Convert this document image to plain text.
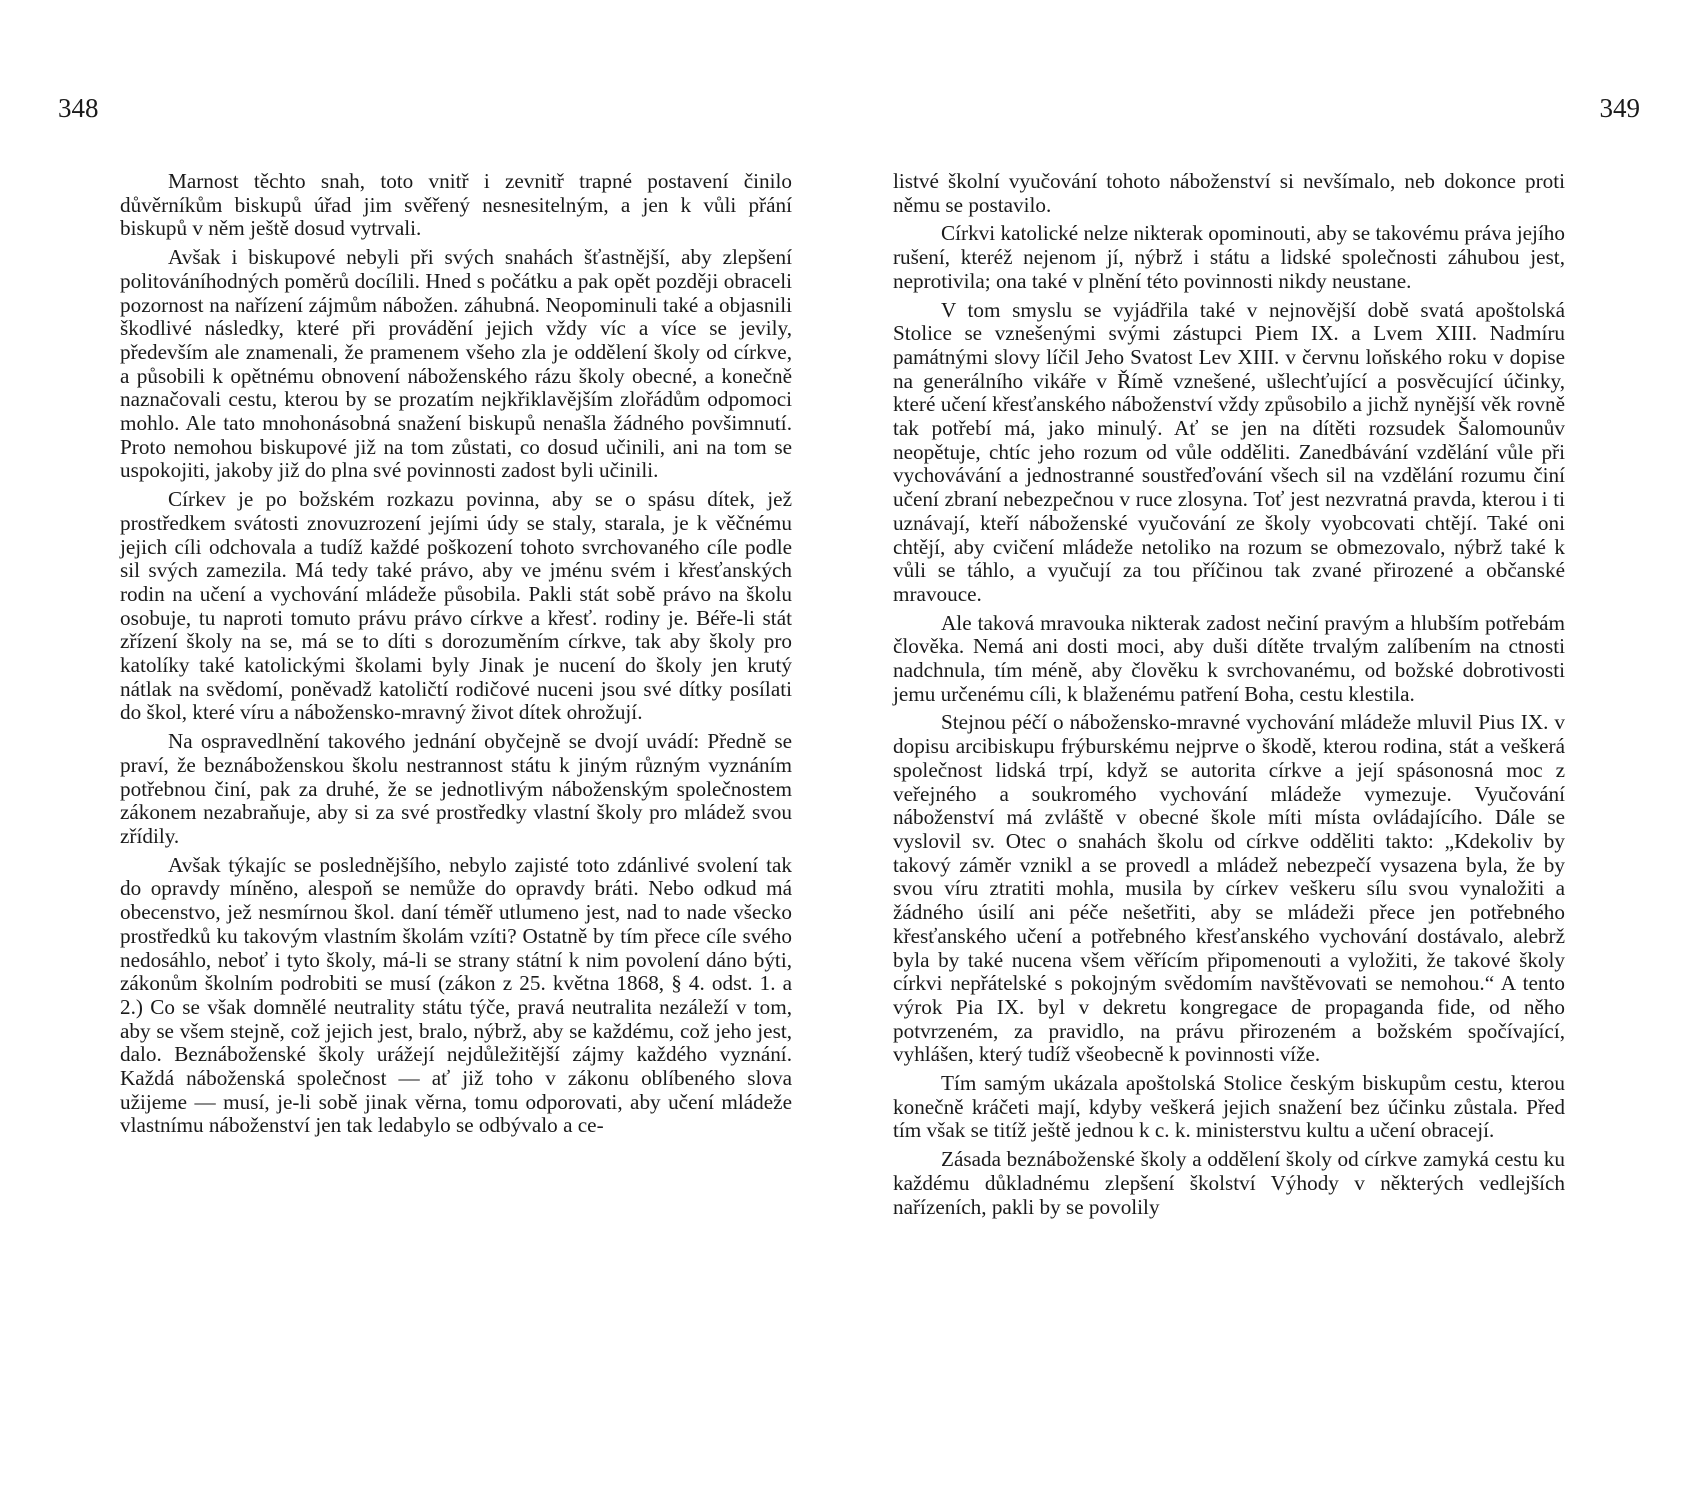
348

Marnost těchto snah, toto vnitř i zevnitř trapné postavení činilo důvěrníkům biskupů úřad jim svěřený nesnesitelným, a jen k vůli přání biskupů v něm ještě dosud vytrvali.

Avšak i biskupové nebyli při svých snahách šťastnější, aby zlepšení politováníhodných poměrů docílili. Hned s počátku a pak opět později obraceli pozornost na nařízení zájmům nábožen. záhubná. Neopominuli také a objasnili škodlivé následky, které při provádění jejich vždy víc a více se jevily, především ale znamenali, že pramenem všeho zla je oddělení školy od církve, a působili k opětnému obnovení náboženského rázu školy obecné, a konečně naznačovali cestu, kterou by se prozatím nejkřiklavějším zlořádům odpomoci mohlo. Ale tato mnohonásobná snažení biskupů nenašla žádného povšimnutí. Proto nemohou biskupové již na tom zůstati, co dosud učinili, ani na tom se uspokojiti, jakoby již do plna své povinnosti zadost byli učinili.

Církev je po božském rozkazu povinna, aby se o spásu dítek, jež prostředkem svátosti znovuzrození jejími údy se staly, starala, je k věčnému jejich cíli odchovala a tudíž každé poškození tohoto svrchovaného cíle podle sil svých zamezila. Má tedy také právo, aby ve jménu svém i křesťanských rodin na učení a vychování mládeže působila. Pakli stát sobě právo na školu osobuje, tu naproti tomuto právu právo církve a křesť. rodiny je. Béře-li stát zřízení školy na se, má se to díti s dorozuměním církve, tak aby školy pro katolíky také katolickými školami byly Jinak je nucení do školy jen krutý nátlak na svědomí, poněvadž katoličtí rodičové nuceni jsou své dítky posílati do škol, které víru a nábožensko-mravný život dítek ohrožují.

Na ospravedlnění takového jednání obyčejně se dvojí uvádí: Předně se praví, že beznáboženskou školu nestrannost státu k jiným různým vyznáním potřebnou činí, pak za druhé, že se jednotlivým náboženským společnostem zákonem nezabraňuje, aby si za své prostředky vlastní školy pro mládež svou zřídily.

Avšak týkajíc se poslednějšího, nebylo zajisté toto zdánlivé svolení tak do opravdy míněno, alespoň se nemůže do opravdy bráti. Nebo odkud má obecenstvo, jež nesmírnou škol. daní téměř utlumeno jest, nad to nade všecko prostředků ku takovým vlastním školám vzíti? Ostatně by tím přece cíle svého nedosáhlo, neboť i tyto školy, má-li se strany státní k nim povolení dáno býti, zákonům školním podrobiti se musí (zákon z 25. května 1868, § 4. odst. 1. a 2.) Co se však domnělé neutrality státu týče, pravá neutralita nezáleží v tom, aby se všem stejně, což jejich jest, bralo, nýbrž, aby se každému, což jeho jest, dalo. Beznáboženské školy urážejí nejdůležitější zájmy každého vyznání. Každá náboženská společnost — ať již toho v zákonu oblíbeného slova užijeme — musí, je-li sobě jinak věrna, tomu odporovati, aby učení mládeže vlastnímu náboženství jen tak ledabylo se odbývalo a ce-

349

listvé školní vyučování tohoto náboženství si nevšímalo, neb dokonce proti němu se postavilo.

Církvi katolické nelze nikterak opominouti, aby se takovému práva jejího rušení, kteréž nejenom jí, nýbrž i státu a lidské společnosti záhubou jest, neprotivila; ona také v plnění této povinnosti nikdy neustane.

V tom smyslu se vyjádřila také v nejnovější době svatá apoštolská Stolice se vznešenými svými zástupci Piem IX. a Lvem XIII. Nadmíru památnými slovy líčil Jeho Svatost Lev XIII. v červnu loňského roku v dopise na generálního vikáře v Římě vznešené, ušlechťující a posvěcující účinky, které učení křesťanského náboženství vždy způsobilo a jichž nynější věk rovně tak potřebí má, jako minulý. Ať se jen na dítěti rozsudek Šalomounův neopětuje, chtíc jeho rozum od vůle odděliti. Zanedbávání vzdělání vůle při vychovávání a jednostranné soustřeďování všech sil na vzdělání rozumu činí učení zbraní nebezpečnou v ruce zlosyna. Toť jest nezvratná pravda, kterou i ti uznávají, kteří náboženské vyučování ze školy vyobcovati chtějí. Také oni chtějí, aby cvičení mládeže netoliko na rozum se obmezovalo, nýbrž také k vůli se táhlo, a vyučují za tou příčinou tak zvané přirozené a občanské mravouce.

Ale taková mravouka nikterak zadost nečiní pravým a hlubším potřebám člověka. Nemá ani dosti moci, aby duši dítěte trvalým zalíbením na ctnosti nadchnula, tím méně, aby člověku k svrchovanému, od božské dobrotivosti jemu určenému cíli, k blaženému patření Boha, cestu klestila.

Stejnou péčí o nábožensko-mravné vychování mládeže mluvil Pius IX. v dopisu arcibiskupu frýburskému nejprve o škodě, kterou rodina, stát a veškerá společnost lidská trpí, když se autorita církve a její spásonosná moc z veřejného a soukromého vychování mládeže vymezuje. Vyučování náboženství má zvláště v obecné škole míti místa ovládajícího. Dále se vyslovil sv. Otec o snahách školu od církve odděliti takto: „Kdekoliv by takový záměr vznikl a se provedl a mládež nebezpečí vysazena byla, že by svou víru ztratiti mohla, musila by církev veškeru sílu svou vynaložiti a žádného úsilí ani péče nešetřiti, aby se mládeži přece jen potřebného křesťanského učení a potřebného křesťanského vychování dostávalo, alebrž byla by také nucena všem věřícím připomenouti a vyložiti, že takové školy církvi nepřátelské s pokojným svědomím navštěvovati se nemohou.“ A tento výrok Pia IX. byl v dekretu kongregace de propaganda fide, od něho potvrzeném, za pravidlo, na právu přirozeném a božském spočívající, vyhlášen, který tudíž všeobecně k povinnosti víže.

Tím samým ukázala apoštolská Stolice českým biskupům cestu, kterou konečně kráčeti mají, kdyby veškerá jejich snažení bez účinku zůstala. Před tím však se titíž ještě jednou k c. k. ministerstvu kultu a učení obracejí.

Zásada beznáboženské školy a oddělení školy od církve zamyká cestu ku každému důkladnému zlepšení školství Výhody v některých vedlejších nařízeních, pakli by se povolily
